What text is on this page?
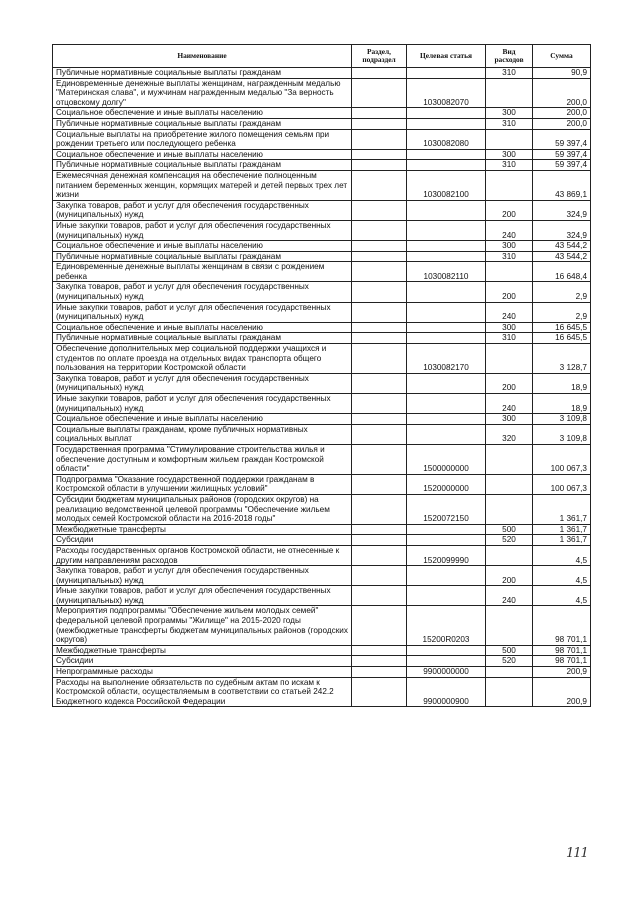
Наименование	Раздел, подраздел	Целевая статья	Вид расходов	Сумма
Публичные нормативные социальные выплаты гражданам			310	90,9
Единовременные денежные выплаты женщинам, награжденным медалью "Материнская слава", и мужчинам награжденным медалью "За верность отцовскому долгу"		1030082070		200,0
Социальное обеспечение и иные выплаты населению			300	200,0
Публичные нормативные социальные выплаты гражданам			310	200,0
Социальные выплаты на приобретение жилого помещения семьям при рождении третьего или последующего ребенка		1030082080		59 397,4
Социальное обеспечение и иные выплаты населению			300	59 397,4
Публичные нормативные социальные выплаты гражданам			310	59 397,4
Ежемесячная денежная компенсация на обеспечение полноценным питанием беременных женщин, кормящих матерей и детей первых трех лет жизни		1030082100		43 869,1
Закупка товаров, работ и услуг для обеспечения государственных (муниципальных) нужд			200	324,9
Иные закупки товаров, работ и услуг для обеспечения государственных (муниципальных) нужд			240	324,9
Социальное обеспечение и иные выплаты населению			300	43 544,2
Публичные нормативные социальные выплаты гражданам			310	43 544,2
Единовременные денежные выплаты женщинам в связи с рождением ребенка		1030082110		16 648,4
Закупка товаров, работ и услуг для обеспечения государственных (муниципальных) нужд			200	2,9
Иные закупки товаров, работ и услуг для обеспечения государственных (муниципальных) нужд			240	2,9
Социальное обеспечение и иные выплаты населению			300	16 645,5
Публичные нормативные социальные выплаты гражданам			310	16 645,5
Обеспечение дополнительных мер социальной поддержки учащихся и студентов по оплате проезда на отдельных видах транспорта общего пользования на территории Костромской области		1030082170		3 128,7
Закупка товаров, работ и услуг для обеспечения государственных (муниципальных) нужд			200	18,9
Иные закупки товаров, работ и услуг для обеспечения государственных (муниципальных) нужд			240	18,9
Социальное обеспечение и иные выплаты населению			300	3 109,8
Социальные выплаты гражданам, кроме публичных нормативных социальных выплат			320	3 109,8
Государственная программа "Стимулирование строительства жилья и обеспечение доступным и комфортным жильем граждан Костромской области"		1500000000		100 067,3
Подпрограмма "Оказание государственной поддержки гражданам в Костромской области в улучшении жилищных условий"		1520000000		100 067,3
Субсидии бюджетам муниципальных районов (городских округов) на реализацию ведомственной целевой программы "Обеспечение жильем молодых семей Костромской области на 2016-2018 годы"		1520072150		1 361,7
Межбюджетные трансферты			500	1 361,7
Субсидии			520	1 361,7
Расходы государственных органов Костромской области, не отнесенные к другим направлениям расходов		1520099990		4,5
Закупка товаров, работ и услуг для обеспечения государственных (муниципальных) нужд			200	4,5
Иные закупки товаров, работ и услуг для обеспечения государственных (муниципальных) нужд			240	4,5
Мероприятия подпрограммы "Обеспечение жильем молодых семей" федеральной целевой программы "Жилище" на 2015-2020 годы (межбюджетные трансферты бюджетам муниципальных районов (городских округов)		15200R0203		98 701,1
Межбюджетные трансферты			500	98 701,1
Субсидии			520	98 701,1
Непрограммные расходы		9900000000		200,9
Расходы на выполнение обязательств по судебным актам по искам к Костромской области, осуществляемым в соответствии со статьей 242.2 Бюджетного кодекса Российской Федерации		9900000900		200,9
111
